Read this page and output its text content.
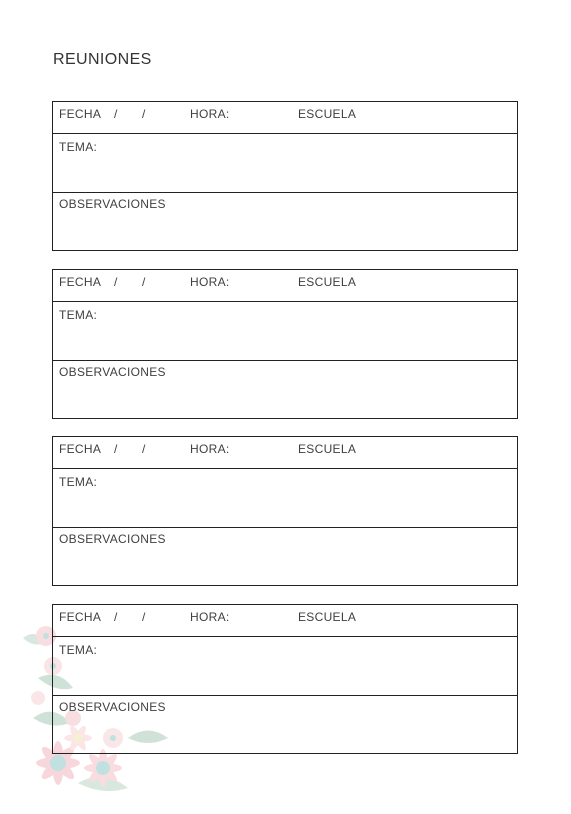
REUNIONES
FECHA / /	HORA:	ESCUELA
TEMA:
OBSERVACIONES
FECHA / /	HORA:	ESCUELA
TEMA:
OBSERVACIONES
FECHA / /	HORA:	ESCUELA
TEMA:
OBSERVACIONES
FECHA / /	HORA:	ESCUELA
TEMA:
OBSERVACIONES
